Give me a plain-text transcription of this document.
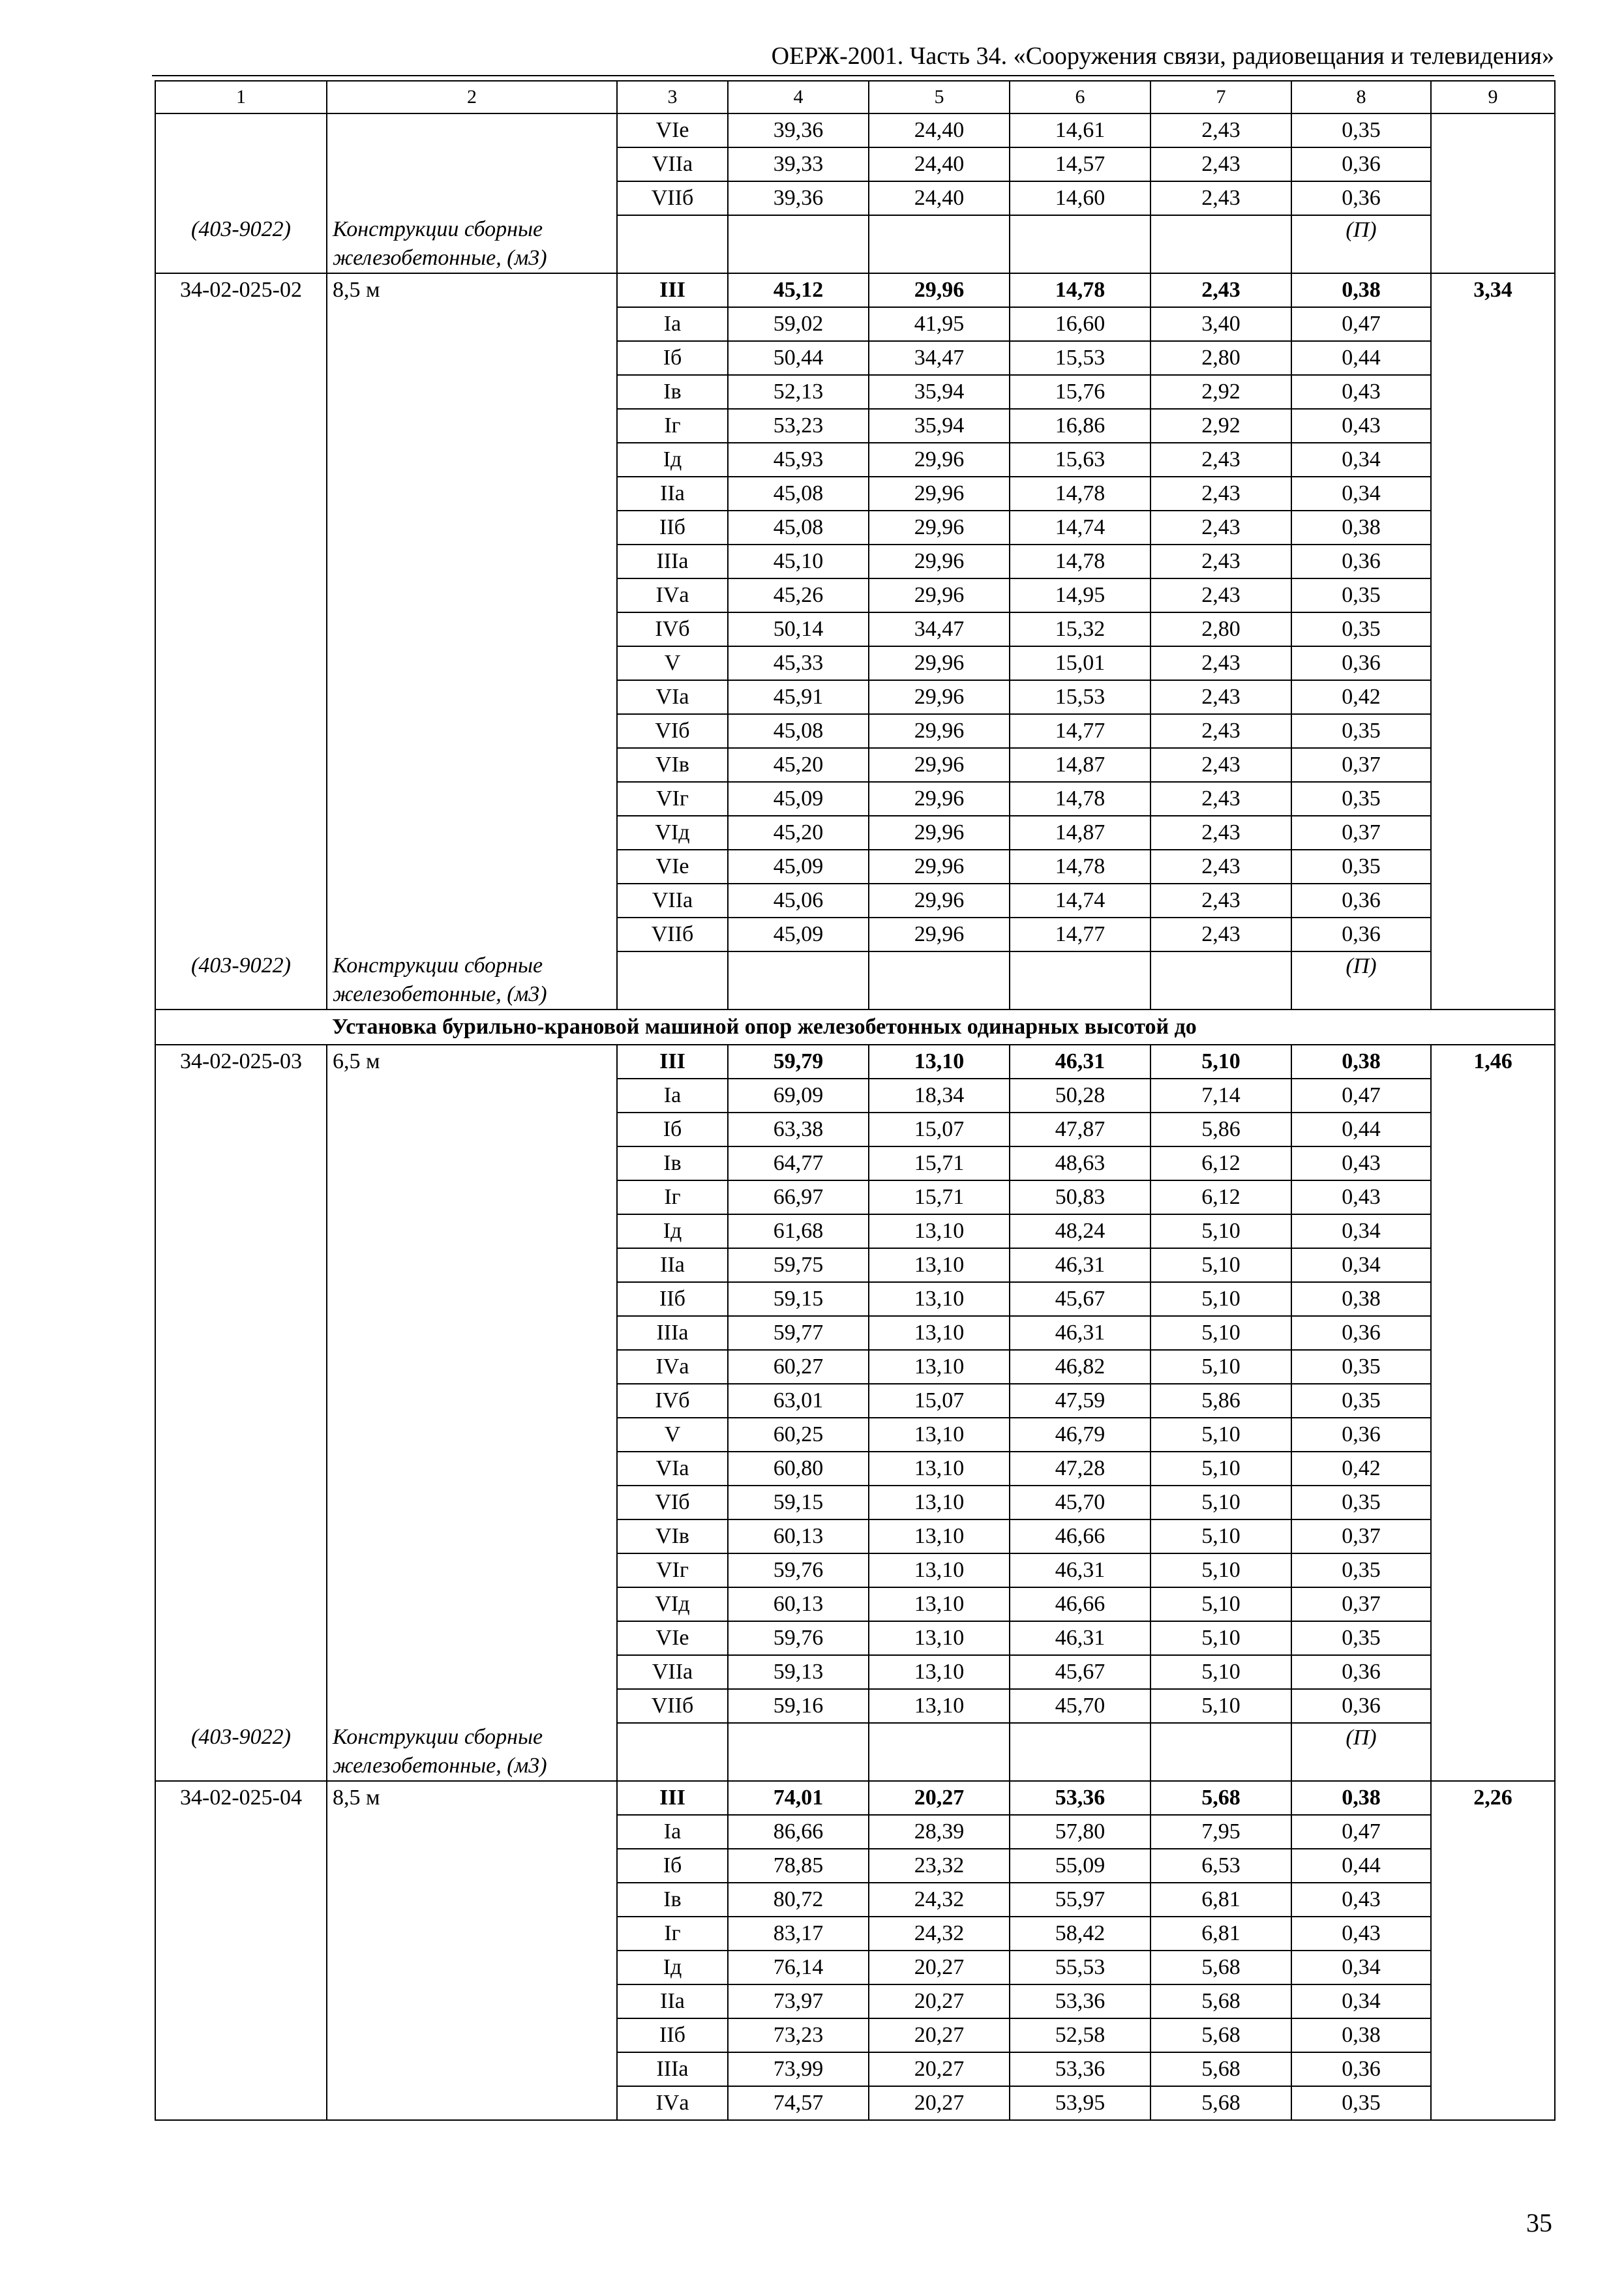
ОЕРЖ-2001. Часть 34. «Сооружения связи, радиовещания и телевидения»
1	2	3	4	5	6	7	8	9
		VIе	39,36	24,40	14,61	2,43	0,35	
		VIIа	39,33	24,40	14,57	2,43	0,36	
		VIIб	39,36	24,40	14,60	2,43	0,36	
(403-9022)	Конструкции сборные железобетонные, (м3)						(П)	
34-02-025-02	8,5 м	III	45,12	29,96	14,78	2,43	0,38	3,34
		Iа	59,02	41,95	16,60	3,40	0,47	
		Iб	50,44	34,47	15,53	2,80	0,44	
		Iв	52,13	35,94	15,76	2,92	0,43	
		Iг	53,23	35,94	16,86	2,92	0,43	
		Iд	45,93	29,96	15,63	2,43	0,34	
		IIа	45,08	29,96	14,78	2,43	0,34	
		IIб	45,08	29,96	14,74	2,43	0,38	
		IIIа	45,10	29,96	14,78	2,43	0,36	
		IVа	45,26	29,96	14,95	2,43	0,35	
		IVб	50,14	34,47	15,32	2,80	0,35	
		V	45,33	29,96	15,01	2,43	0,36	
		VIа	45,91	29,96	15,53	2,43	0,42	
		VIб	45,08	29,96	14,77	2,43	0,35	
		VIв	45,20	29,96	14,87	2,43	0,37	
		VIг	45,09	29,96	14,78	2,43	0,35	
		VIд	45,20	29,96	14,87	2,43	0,37	
		VIе	45,09	29,96	14,78	2,43	0,35	
		VIIа	45,06	29,96	14,74	2,43	0,36	
		VIIб	45,09	29,96	14,77	2,43	0,36	
(403-9022)	Конструкции сборные железобетонные, (м3)						(П)	
Установка бурильно-крановой машиной опор железобетонных одинарных высотой до								
34-02-025-03	6,5 м	III	59,79	13,10	46,31	5,10	0,38	1,46
		Iа	69,09	18,34	50,28	7,14	0,47	
		Iб	63,38	15,07	47,87	5,86	0,44	
		Iв	64,77	15,71	48,63	6,12	0,43	
		Iг	66,97	15,71	50,83	6,12	0,43	
		Iд	61,68	13,10	48,24	5,10	0,34	
		IIа	59,75	13,10	46,31	5,10	0,34	
		IIб	59,15	13,10	45,67	5,10	0,38	
		IIIа	59,77	13,10	46,31	5,10	0,36	
		IVа	60,27	13,10	46,82	5,10	0,35	
		IVб	63,01	15,07	47,59	5,86	0,35	
		V	60,25	13,10	46,79	5,10	0,36	
		VIа	60,80	13,10	47,28	5,10	0,42	
		VIб	59,15	13,10	45,70	5,10	0,35	
		VIв	60,13	13,10	46,66	5,10	0,37	
		VIг	59,76	13,10	46,31	5,10	0,35	
		VIд	60,13	13,10	46,66	5,10	0,37	
		VIе	59,76	13,10	46,31	5,10	0,35	
		VIIа	59,13	13,10	45,67	5,10	0,36	
		VIIб	59,16	13,10	45,70	5,10	0,36	
(403-9022)	Конструкции сборные железобетонные, (м3)						(П)	
34-02-025-04	8,5 м	III	74,01	20,27	53,36	5,68	0,38	2,26
		Iа	86,66	28,39	57,80	7,95	0,47	
		Iб	78,85	23,32	55,09	6,53	0,44	
		Iв	80,72	24,32	55,97	6,81	0,43	
		Iг	83,17	24,32	58,42	6,81	0,43	
		Iд	76,14	20,27	55,53	5,68	0,34	
		IIа	73,97	20,27	53,36	5,68	0,34	
		IIб	73,23	20,27	52,58	5,68	0,38	
		IIIа	73,99	20,27	53,36	5,68	0,36	
		IVа	74,57	20,27	53,95	5,68	0,35	
35
